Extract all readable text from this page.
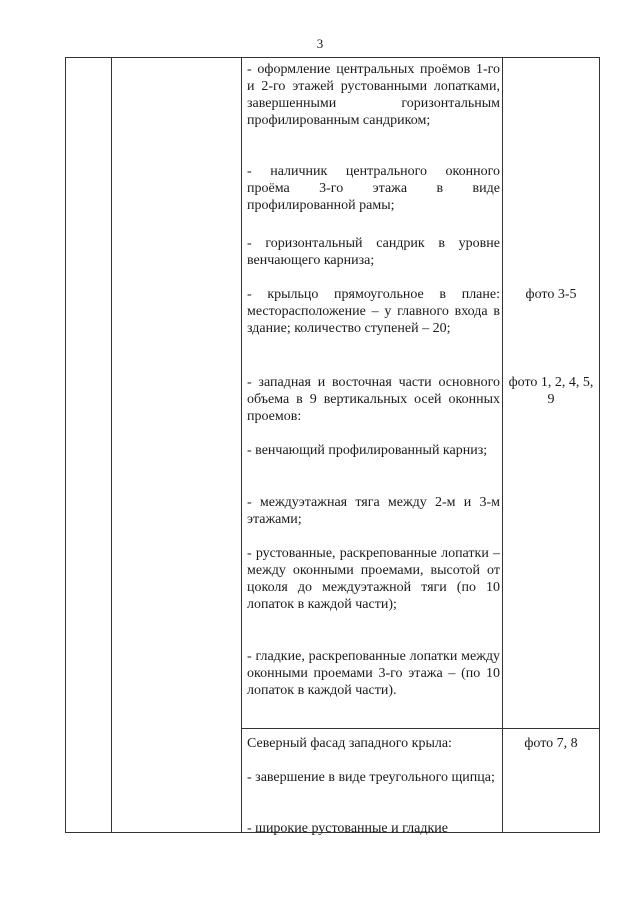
3

- оформление центральных проёмов 1-го и 2-го этажей рустованными лопатками, завершенными горизонтальным профилированным сандриком;

- наличник центрального оконного проёма 3-го этажа в виде профилированной рамы;

- горизонтальный сандрик в уровне венчающего карниза;

- крыльцо прямоугольное в плане: месторасположение – у главного входа в здание; количество ступеней – 20;

- западная и восточная части основного объема в 9 вертикальных осей оконных проемов:

- венчающий профилированный карниз;

- междуэтажная тяга между 2-м и 3-м этажами;

- рустованные, раскрепованные лопатки – между оконными проемами, высотой от цоколя до междуэтажной тяги (по 10 лопаток в каждой части);

- гладкие, раскрепованные лопатки между оконными проемами 3-го этажа – (по 10 лопаток в каждой части).

фото 3-5
фото 1, 2, 4, 5, 9

Северный фасад западного крыла:

- завершение в виде треугольного щипца;

- широкие рустованные и гладкие

фото 7, 8
